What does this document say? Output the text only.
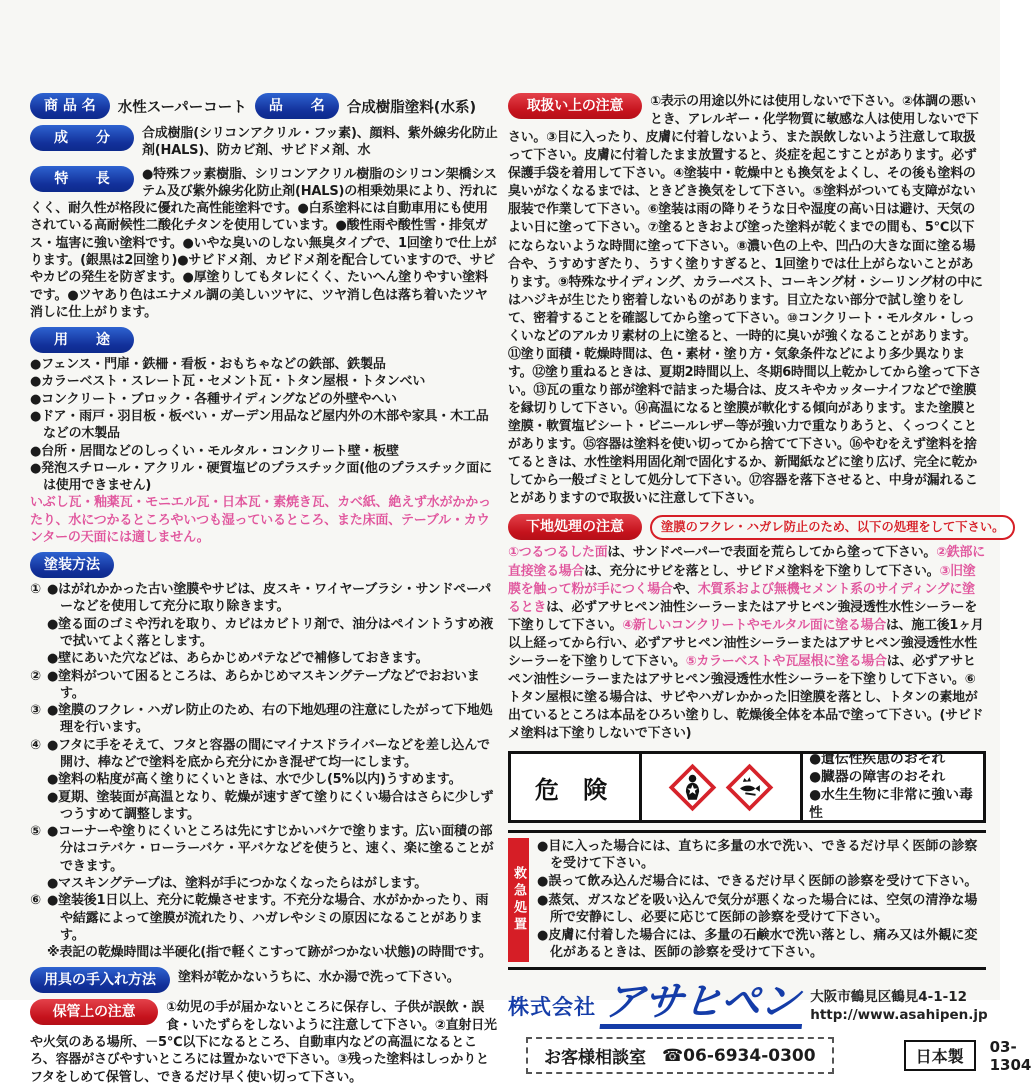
商 品 名	水性スーパーコート	品　　名	合成樹脂塗料(水系)
成　　分	合成樹脂(シリコンアクリル・フッ素)、顔料、紫外線劣化防止剤(HALS)、防カビ剤、サビドメ剤、水
特　　長	●特殊フッ素樹脂、シリコンアクリル樹脂のシリコン架橋システム及び紫外線劣化防止剤(HALS)の相乗効果により、汚れにくく、耐久性が格段に優れた高性能塗料です。●白系塗料には自動車用にも使用されている高耐候性二酸化チタンを使用しています。●酸性雨や酸性雪・排気ガス・塩害に強い塗料です。●いやな臭いのしない無臭タイプで、1回塗りで仕上がります。(銀黒は2回塗り)●サビドメ剤、カビドメ剤を配合していますので、サビやカビの発生を防ぎます。●厚塗りしてもタレにくく、たいへん塗りやすい塗料です。●ツヤあり色はエナメル調の美しいツヤに、ツヤ消し色は落ち着いたツヤ消しに仕上がります。
用　　途
●フェンス・門扉・鉄柵・看板・おもちゃなどの鉄部、鉄製品
●カラーベスト・スレート瓦・セメント瓦・トタン屋根・トタンべい
●コンクリート・ブロック・各種サイディングなどの外壁やへい
●ドア・雨戸・羽目板・板べい・ガーデン用品など屋内外の木部や家具・木工品などの木製品
●台所・居間などのしっくい・モルタル・コンクリート壁・板壁
●発泡スチロール・アクリル・硬質塩ビのプラスチック面(他のプラスチック面には使用できません)
いぶし瓦・釉薬瓦・モニエル瓦・日本瓦・素焼き瓦、カベ紙、絶えず水がかかったり、水につかるところやいつも湿っているところ、また床面、テーブル・カウンターの天面には適しません。
塗装方法
① ●はがれかかった古い塗膜やサビは、皮スキ・ワイヤーブラシ・サンドペーパーなどを使用して充分に取り除きます。

●塗る面のゴミや汚れを取り、カビはカビトリ剤で、油分はペイントうすめ液で拭いてよく落とします。

●壁にあいた穴などは、あらかじめパテなどで補修しておきます。

② ●塗料がついて困るところは、あらかじめマスキングテープなどでおおいます。

③ ●塗膜のフクレ・ハガレ防止のため、右の下地処理の注意にしたがって下地処理を行います。

④ ●フタに手をそえて、フタと容器の間にマイナスドライバーなどを差し込んで開け、棒などで塗料を底から充分にかき混ぜて均一にします。

●塗料の粘度が高く塗りにくいときは、水で少し(5%以内)うすめます。

●夏期、塗装面が高温となり、乾燥が速すぎて塗りにくい場合はさらに少しずつうすめて調整します。

⑤ ●コーナーや塗りにくいところは先にすじかいバケで塗ります。広い面積の部分はコテバケ・ローラーバケ・平バケなどを使うと、速く、楽に塗ることができます。

●マスキングテープは、塗料が手につかなくなったらはがします。

⑥ ●塗装後1日以上、充分に乾燥させます。不充分な場合、水がかかったり、雨や結露によって塗膜が流れたり、ハガレやシミの原因になることがあります。

※表記の乾燥時間は半硬化(指で軽くこすって跡がつかない状態)の時間です。

用具の手入れ方法	塗料が乾かないうちに、水か湯で洗って下さい。
保管上の注意	①幼児の手が届かないところに保存し、子供が誤飲・誤食・いたずらをしないように注意して下さい。②直射日光や火気のある場所、－5℃以下になるところ、自動車内などの高温になるところ、容器がさびやすいところには置かないで下さい。③残った塗料はしっかりとフタをしめて保管し、できるだけ早く使い切って下さい。
取扱い上の注意	①表示の用途以外には使用しないで下さい。②体調の悪いとき、アレルギー・化学物質に敏感な人は使用しないで下さい。③目に入ったり、皮膚に付着しないよう、また誤飲しないよう注意して取扱って下さい。皮膚に付着したまま放置すると、炎症を起こすことがあります。必ず保護手袋を着用して下さい。④塗装中・乾燥中とも換気をよくし、その後も塗料の臭いがなくなるまでは、ときどき換気をして下さい。⑤塗料がついても支障がない服装で作業して下さい。⑥塗装は雨の降りそうな日や湿度の高い日は避け、天気のよい日に塗って下さい。⑦塗るときおよび塗った塗料が乾くまでの間も、5℃以下にならないような時間に塗って下さい。⑧濃い色の上や、凹凸の大きな面に塗る場合や、うすめすぎたり、うすく塗りすぎると、1回塗りでは仕上がらないことがあります。⑨特殊なサイディング、カラーベスト、コーキング材・シーリング材の中にはハジキが生じたり密着しないものがあります。目立たない部分で試し塗りをして、密着することを確認してから塗って下さい。⑩コンクリート・モルタル・しっくいなどのアルカリ素材の上に塗ると、一時的に臭いが強くなることがあります。⑪塗り面積・乾燥時間は、色・素材・塗り方・気象条件などにより多少異なります。⑫塗り重ねるときは、夏期2時間以上、冬期6時間以上乾かしてから塗って下さい。⑬瓦の重なり部が塗料で詰まった場合は、皮スキやカッターナイフなどで塗膜を縁切りして下さい。⑭高温になると塗膜が軟化する傾向があります。また塗膜と塗膜・軟質塩ビシート・ビニールレザー等が強い力で重なりあうと、くっつくことがあります。⑮容器は塗料を使い切ってから捨てて下さい。⑯やむをえず塗料を捨てるときは、水性塗料用固化剤で固化するか、新聞紙などに塗り広げ、完全に乾かしてから一般ゴミとして処分して下さい。⑰容器を落下させると、中身が漏れることがありますので取扱いに注意して下さい。
下地処理の注意	塗膜のフクレ・ハガレ防止のため、以下の処理をして下さい。
①つるつるした面は、サンドペーパーで表面を荒らしてから塗って下さい。②鉄部に直接塗る場合は、充分にサビを落とし、サビドメ塗料を下塗りして下さい。③旧塗膜を触って粉が手につく場合や、木質系および無機セメント系のサイディングに塗るときは、必ずアサヒペン油性シーラーまたはアサヒペン強浸透性水性シーラーを下塗りして下さい。④新しいコンクリートやモルタル面に塗る場合は、施工後1ヶ月以上経ってから行い、必ずアサヒペン油性シーラーまたはアサヒペン強浸透性水性シーラーを下塗りして下さい。⑤カラーベストや瓦屋根に塗る場合は、必ずアサヒペン油性シーラーまたはアサヒペン強浸透性水性シーラーを下塗りして下さい。⑥トタン屋根に塗る場合は、サビやハガレかかった旧塗膜を落とし、トタンの素地が出ているところは本品をひろい塗りし、乾燥後全体を本品で塗って下さい。(サビドメ塗料は下塗りしないで下さい)
危 険
●遺伝性疾患のおそれ
●臓器の障害のおそれ
●水生生物に非常に強い毒性
救急処置

●目に入った場合には、直ちに多量の水で洗い、できるだけ早く医師の診察を受けて下さい。

●誤って飲み込んだ場合には、できるだけ早く医師の診察を受けて下さい。

●蒸気、ガスなどを吸い込んで気分が悪くなった場合には、空気の清浄な場所で安静にし、必要に応じて医師の診察を受けて下さい。

●皮膚に付着した場合には、多量の石鹸水で洗い落とし、痛み又は外観に変化があるときは、医師の診察を受けて下さい。

株式会社 アサヒペン 大阪市鶴見区鶴見4-1-12
http://www.asahipen.jp
お客様相談室 ☎06-6934-0300	日本製
03-1304
